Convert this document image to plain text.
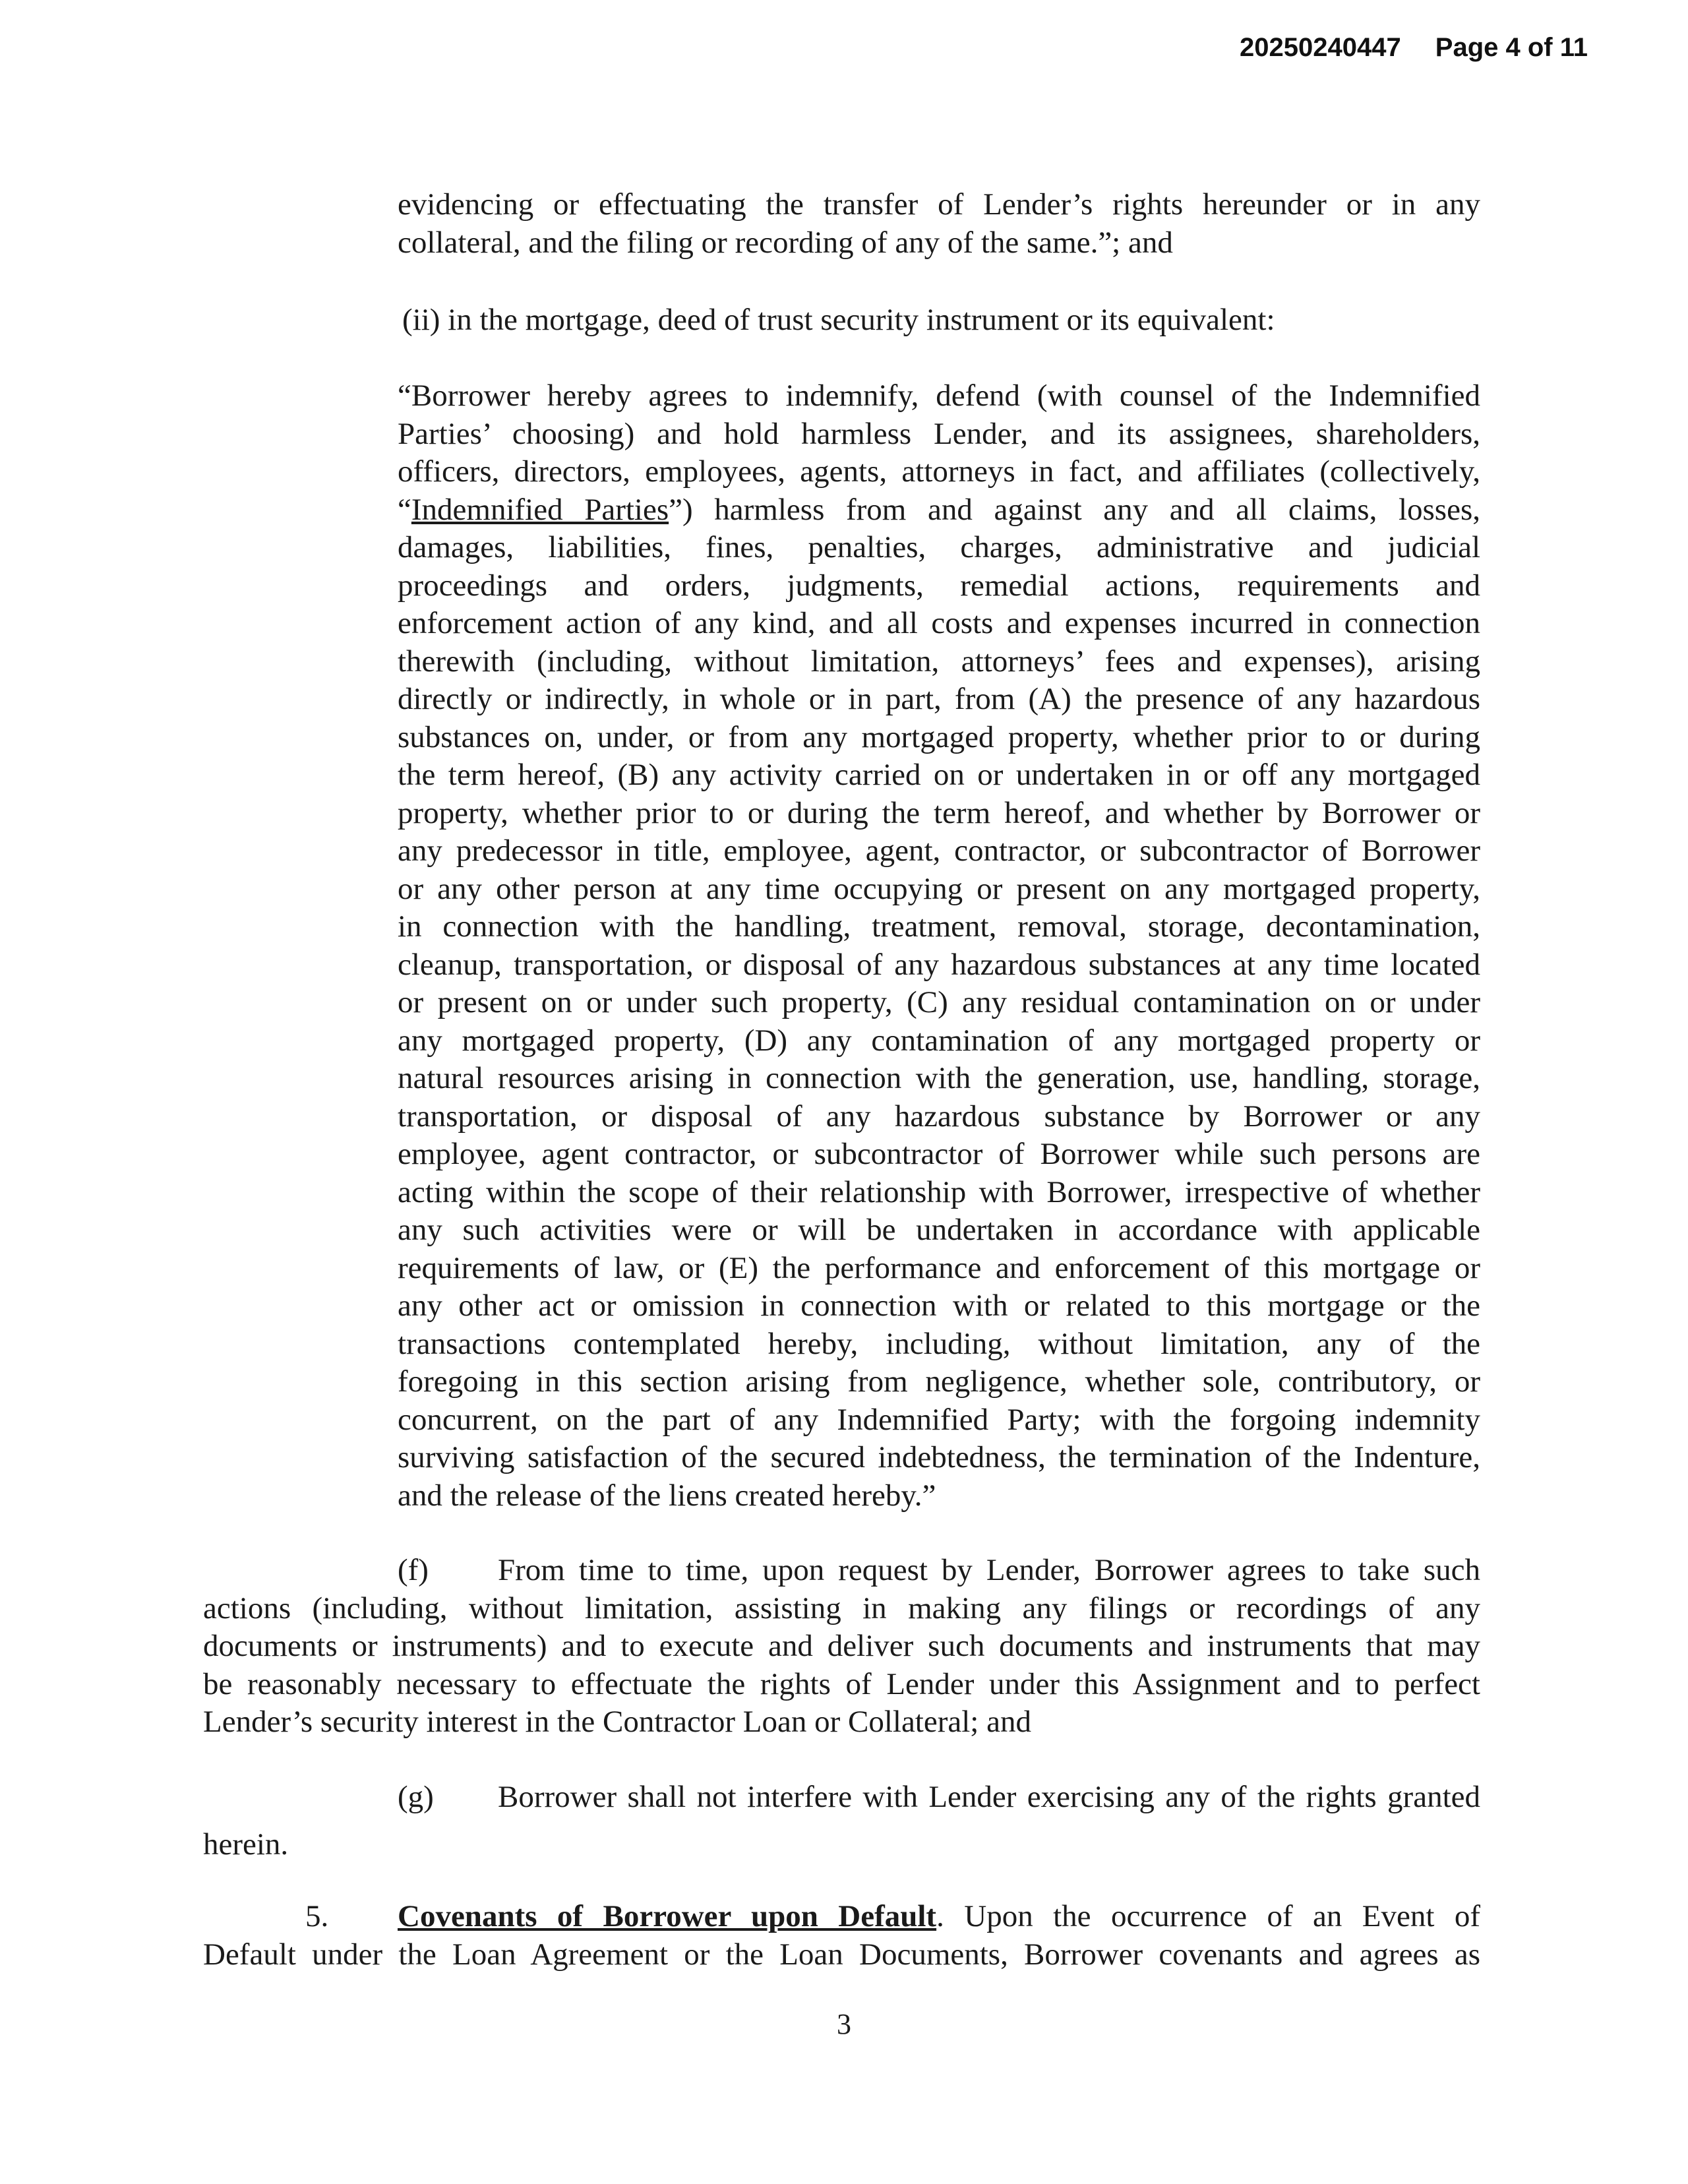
20250240447 Page 4 of 11
evidencing or effectuating the transfer of Lender’s rights hereunder or in any
collateral, and the filing or recording of any of the same.”; and
(ii) in the mortgage, deed of trust security instrument or its equivalent:
“Borrower hereby agrees to indemnify, defend (with counsel of the Indemnified
Parties’ choosing) and hold harmless Lender, and its assignees, shareholders,
officers, directors, employees, agents, attorneys in fact, and affiliates (collectively,
“Indemnified Parties”) harmless from and against any and all claims, losses,
damages, liabilities, fines, penalties, charges, administrative and judicial
proceedings and orders, judgments, remedial actions, requirements and
enforcement action of any kind, and all costs and expenses incurred in connection
therewith (including, without limitation, attorneys’ fees and expenses), arising
directly or indirectly, in whole or in part, from (A) the presence of any hazardous
substances on, under, or from any mortgaged property, whether prior to or during
the term hereof, (B) any activity carried on or undertaken in or off any mortgaged
property, whether prior to or during the term hereof, and whether by Borrower or
any predecessor in title, employee, agent, contractor, or subcontractor of Borrower
or any other person at any time occupying or present on any mortgaged property,
in connection with the handling, treatment, removal, storage, decontamination,
cleanup, transportation, or disposal of any hazardous substances at any time located
or present on or under such property, (C) any residual contamination on or under
any mortgaged property, (D) any contamination of any mortgaged property or
natural resources arising in connection with the generation, use, handling, storage,
transportation, or disposal of any hazardous substance by Borrower or any
employee, agent contractor, or subcontractor of Borrower while such persons are
acting within the scope of their relationship with Borrower, irrespective of whether
any such activities were or will be undertaken in accordance with applicable
requirements of law, or (E) the performance and enforcement of this mortgage or
any other act or omission in connection with or related to this mortgage or the
transactions contemplated hereby, including, without limitation, any of the
foregoing in this section arising from negligence, whether sole, contributory, or
concurrent, on the part of any Indemnified Party; with the forgoing indemnity
surviving satisfaction of the secured indebtedness, the termination of the Indenture,
and the release of the liens created hereby.”
(f) From time to time, upon request by Lender, Borrower agrees to take such
actions (including, without limitation, assisting in making any filings or recordings of any
documents or instruments) and to execute and deliver such documents and instruments that may
be reasonably necessary to effectuate the rights of Lender under this Assignment and to perfect
Lender’s security interest in the Contractor Loan or Collateral; and
(g) Borrower shall not interfere with Lender exercising any of the rights granted
herein.
5. Covenants of Borrower upon Default. Upon the occurrence of an Event of
Default under the Loan Agreement or the Loan Documents, Borrower covenants and agrees as
3
